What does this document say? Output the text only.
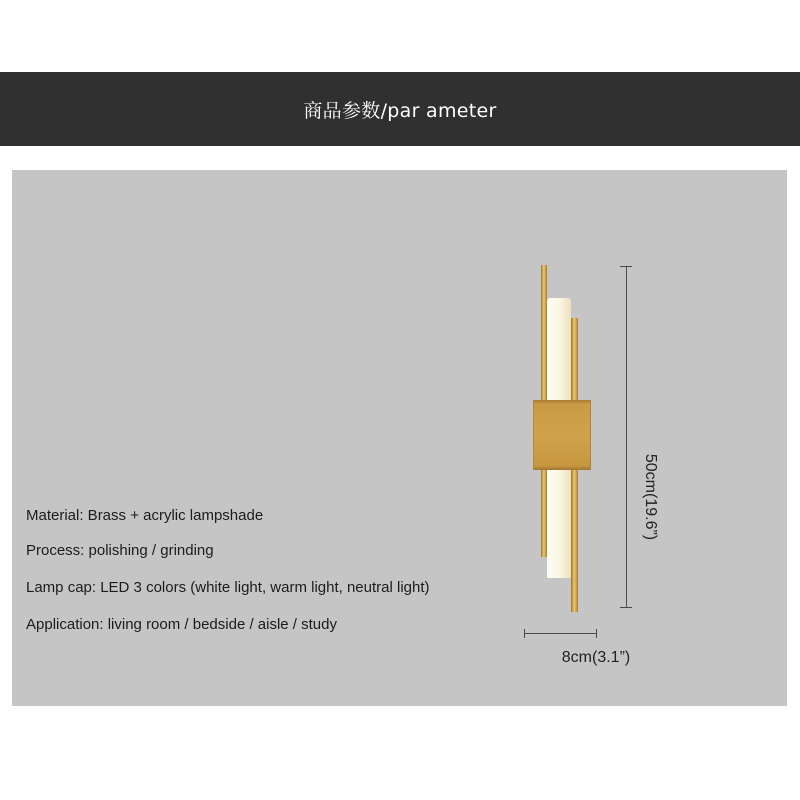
商品参数/par ameter
Material: Brass + acrylic lampshade
Process: polishing / grinding
Lamp cap: LED 3 colors (white light, warm light, neutral light)
Application: living room / bedside / aisle / study
50cm(19.6”)
8cm(3.1”)
